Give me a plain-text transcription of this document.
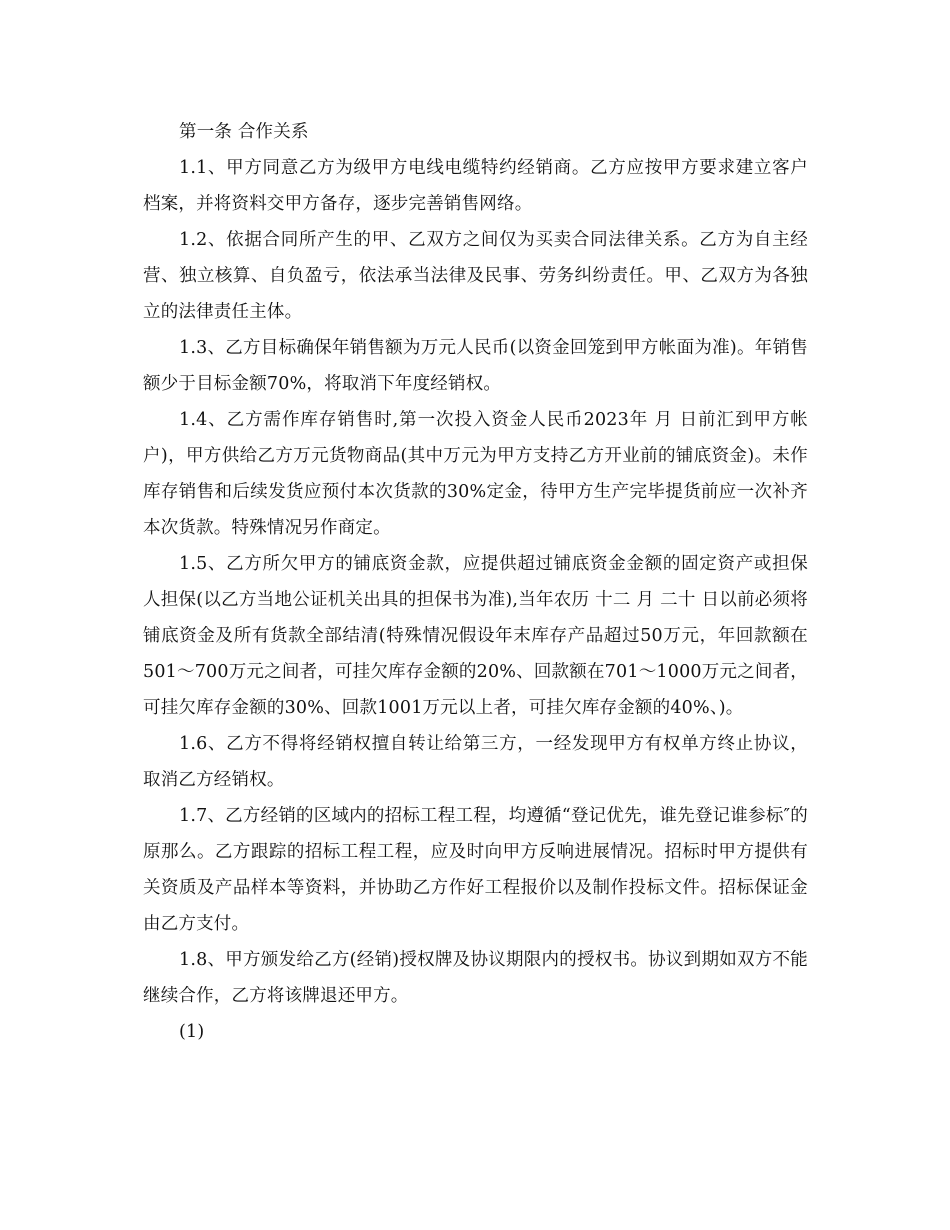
第一条 合作关系

1.1、甲方同意乙方为级甲方电线电缆特约经销商。乙方应按甲方要求建立客户档案，并将资料交甲方备存，逐步完善销售网络。

1.2、依据合同所产生的甲、乙双方之间仅为买卖合同法律关系。乙方为自主经营、独立核算、自负盈亏，依法承当法律及民事、劳务纠纷责任。甲、乙双方为各独立的法律责任主体。

1.3、乙方目标确保年销售额为万元人民币(以资金回笼到甲方帐面为准)。年销售额少于目标金额70%，将取消下年度经销权。

1.4、乙方需作库存销售时,第一次投入资金人民币2023年 月 日前汇到甲方帐户)，甲方供给乙方万元货物商品(其中万元为甲方支持乙方开业前的铺底资金)。未作库存销售和后续发货应预付本次货款的30%定金，待甲方生产完毕提货前应一次补齐本次货款。特殊情况另作商定。

1.5、乙方所欠甲方的铺底资金款，应提供超过铺底资金金额的固定资产或担保人担保(以乙方当地公证机关出具的担保书为准),当年农历 十二 月 二十 日以前必须将铺底资金及所有货款全部结清(特殊情况假设年末库存产品超过50万元，年回款额在501～700万元之间者，可挂欠库存金额的20%、回款额在701～1000万元之间者，可挂欠库存金额的30%、回款1001万元以上者，可挂欠库存金额的40%、)。

1.6、乙方不得将经销权擅自转让给第三方，一经发现甲方有权单方终止协议，取消乙方经销权。

1.7、乙方经销的区域内的招标工程工程，均遵循“登记优先，谁先登记谁参标″的原那么。乙方跟踪的招标工程工程，应及时向甲方反响进展情况。招标时甲方提供有关资质及产品样本等资料，并协助乙方作好工程报价以及制作投标文件。招标保证金由乙方支付。

1.8、甲方颁发给乙方(经销)授权牌及协议期限内的授权书。协议到期如双方不能继续合作，乙方将该牌退还甲方。

(1)
